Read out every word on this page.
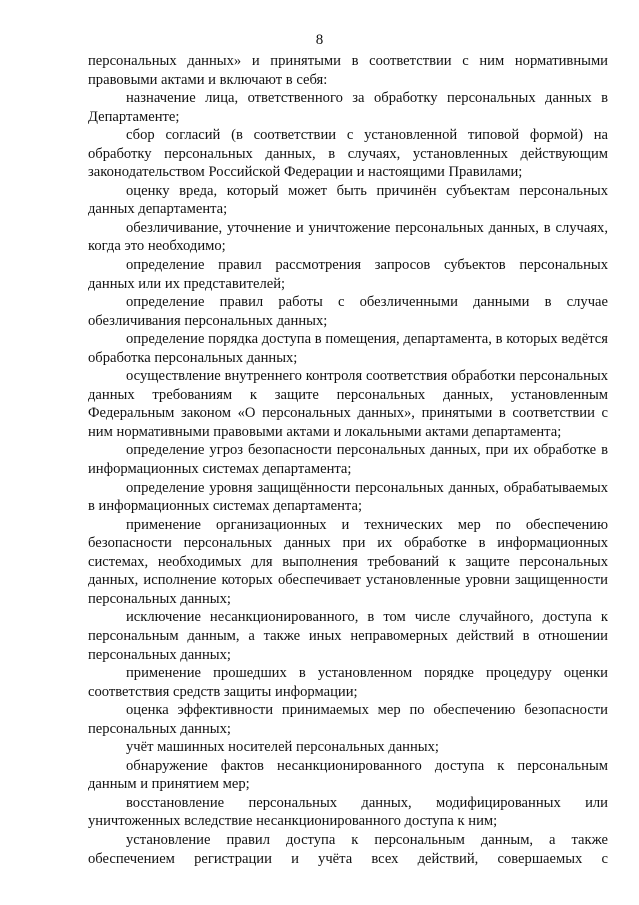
8

персональных данных» и принятыми в соответствии с ним нормативными правовыми актами и включают в себя:

назначение лица, ответственного за обработку персональных данных в Департаменте;

сбор согласий (в соответствии с установленной типовой формой) на обработку персональных данных, в случаях, установленных действующим законодательством Российской Федерации и настоящими Правилами;

оценку вреда, который может быть причинён субъектам персональных данных департамента;

обезличивание, уточнение и уничтожение персональных данных, в случаях, когда это необходимо;

определение правил рассмотрения запросов субъектов персональных данных или их представителей;

определение правил работы с обезличенными данными в случае обезличивания персональных данных;

определение порядка доступа в помещения, департамента, в которых ведётся обработка персональных данных;

осуществление внутреннего контроля соответствия обработки персональных данных требованиям к защите персональных данных, установленным Федеральным законом «О персональных данных», принятыми в соответствии с ним нормативными правовыми актами и локальными актами департамента;

определение угроз безопасности персональных данных, при их обработке в информационных системах департамента;

определение уровня защищённости персональных данных, обрабатываемых в информационных системах департамента;

применение организационных и технических мер по обеспечению безопасности персональных данных при их обработке в информационных системах, необходимых для выполнения требований к защите персональных данных, исполнение которых обеспечивает установленные уровни защищенности персональных данных;

исключение несанкционированного, в том числе случайного, доступа к персональным данным, а также иных неправомерных действий в отношении персональных данных;

применение прошедших в установленном порядке процедуру оценки соответствия средств защиты информации;

оценка эффективности принимаемых мер по обеспечению безопасности персональных данных;

учёт машинных носителей персональных данных;

обнаружение фактов несанкционированного доступа к персональным данным и принятием мер;

восстановление персональных данных, модифицированных или уничтоженных вследствие несанкционированного доступа к ним;

установление правил доступа к персональным данным, а также обеспечением регистрации и учёта всех действий, совершаемых с
